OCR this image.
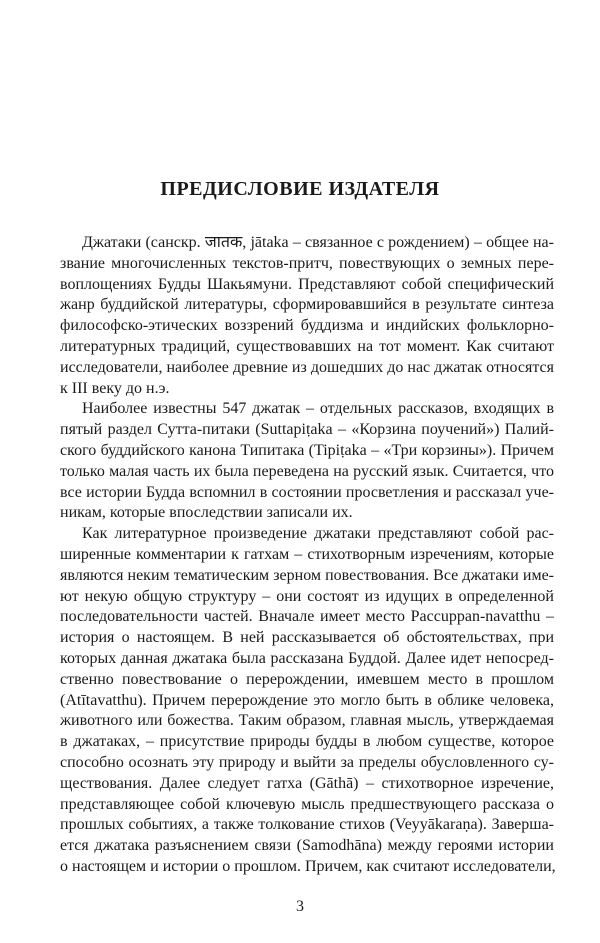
ПРЕДИСЛОВИЕ ИЗДАТЕЛЯ
Джатаки (санскр. जातक, jātaka – связанное с рождением) – общее на-
звание многочисленных текстов-притч, повествующих о земных пере-
воплощениях Будды Шакьямуни. Представляют собой специфический
жанр буддийской литературы, сформировавшийся в результате синтеза
философско-этических воззрений буддизма и индийских фольклорно-
литературных традиций, существовавших на тот момент. Как считают
исследователи, наиболее древние из дошедших до нас джатак относятся
к III веку до н.э.
Наиболее известны 547 джатак – отдельных рассказов, входящих в
пятый раздел Сутта-питаки (Suttapiṭaka – «Корзина поучений») Палий-
ского буддийского канона Типитака (Tipiṭaka – «Три корзины»). Причем
только малая часть их была переведена на русский язык. Считается, что
все истории Будда вспомнил в состоянии просветления и рассказал уче-
никам, которые впоследствии записали их.
Как литературное произведение джатаки представляют собой рас-
ширенные комментарии к гатхам – стихотворным изречениям, которые
являются неким тематическим зерном повествования. Все джатаки име-
ют некую общую структуру – они состоят из идущих в определенной
последовательности частей. Вначале имеет место Paccuppan-navatthu –
история о настоящем. В ней рассказывается об обстоятельствах, при
которых данная джатака была рассказана Буддой. Далее идет непосред-
ственно повествование о перерождении, имевшем место в прошлом
(Atītavatthu). Причем перерождение это могло быть в облике человека,
животного или божества. Таким образом, главная мысль, утверждаемая
в джатаках, – присутствие природы будды в любом существе, которое
способно осознать эту природу и выйти за пределы обусловленного су-
ществования. Далее следует гатха (Gāthā) – стихотворное изречение,
представляющее собой ключевую мысль предшествующего рассказа о
прошлых событиях, а также толкование стихов (Veyyākaraṇa). Заверша-
ется джатака разъяснением связи (Samodhāna) между героями истории
о настоящем и истории о прошлом. Причем, как считают исследователи,
3
